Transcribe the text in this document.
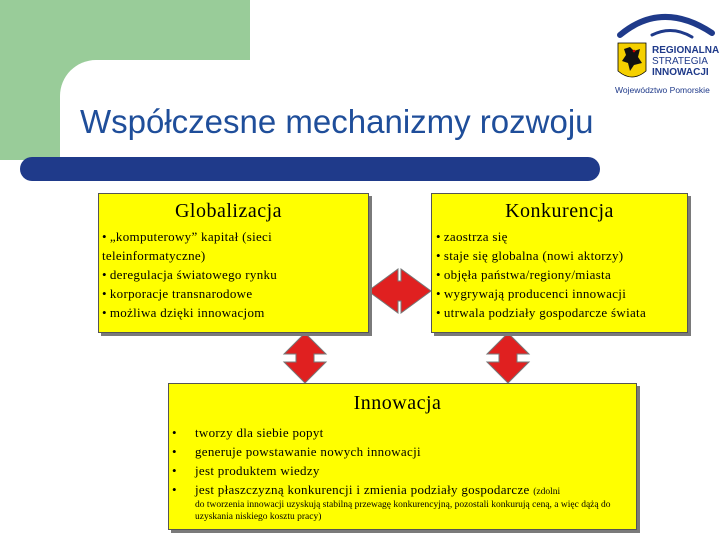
REGIONALNA
STRATEGIA
INNOWACJI
Województwo Pomorskie
Współczesne mechanizmy rozwoju
Globalizacja
• „komputerowy” kapitał (sieci teleinformatyczne)
• deregulacja światowego rynku
• korporacje transnarodowe
• możliwa dzięki innowacjom
Konkurencja
• zaostrza się
• staje się globalna (nowi aktorzy)
• objęła państwa/regiony/miasta
• wygrywają producenci innowacji
• utrwala podziały gospodarcze świata
Innowacja
• tworzy dla siebie popyt
• generuje powstawanie nowych innowacji
• jest produktem wiedzy
• jest płaszczyzną konkurencji i zmienia podziały gospodarcze (zdolni
do tworzenia innowacji uzyskują stabilną przewagę konkurencyjną, pozostali konkurują ceną, a więc dążą do uzyskania niskiego kosztu pracy)
